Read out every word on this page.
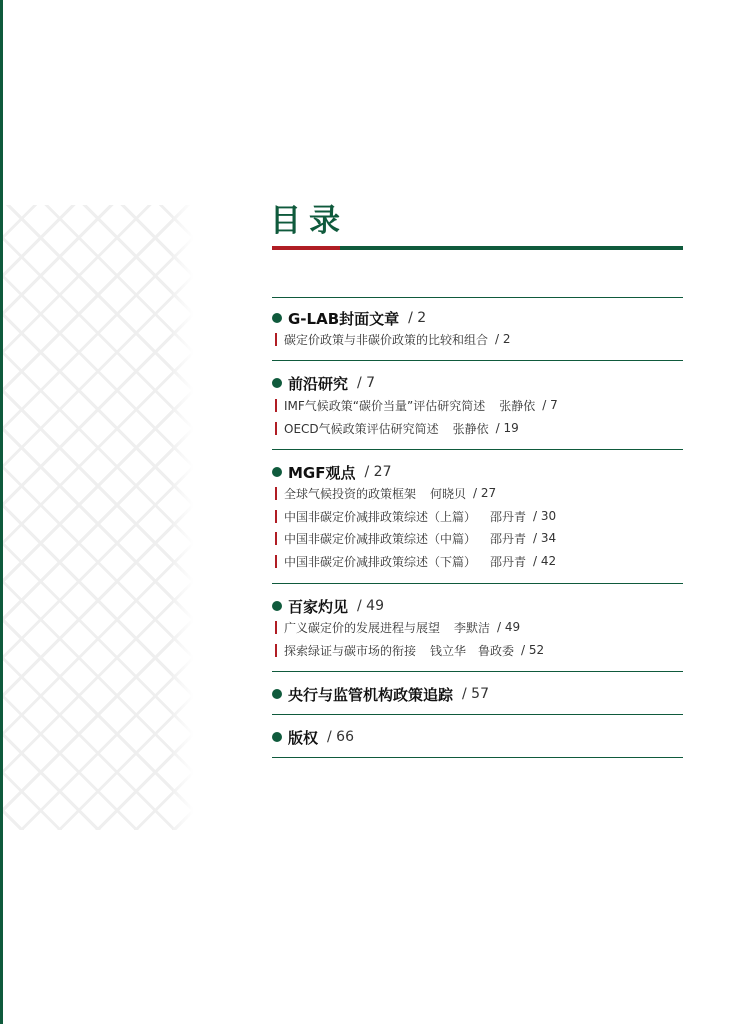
目录
G-LAB封面文章 / 2
碳定价政策与非碳价政策的比较和组合 / 2
前沿研究 / 7
IMF气候政策“碳价当量”评估研究简述 张静依 / 7
OECD气候政策评估研究简述 张静依 / 19
MGF观点 / 27
全球气候投资的政策框架 何晓贝 / 27
中国非碳定价减排政策综述（上篇） 邵丹青 / 30
中国非碳定价减排政策综述（中篇） 邵丹青 / 34
中国非碳定价减排政策综述（下篇） 邵丹青 / 42
百家灼见 / 49
广义碳定价的发展进程与展望 李默洁 / 49
探索绿证与碳市场的衔接 钱立华　鲁政委 / 52
央行与监管机构政策追踪 / 57
版权 / 66
